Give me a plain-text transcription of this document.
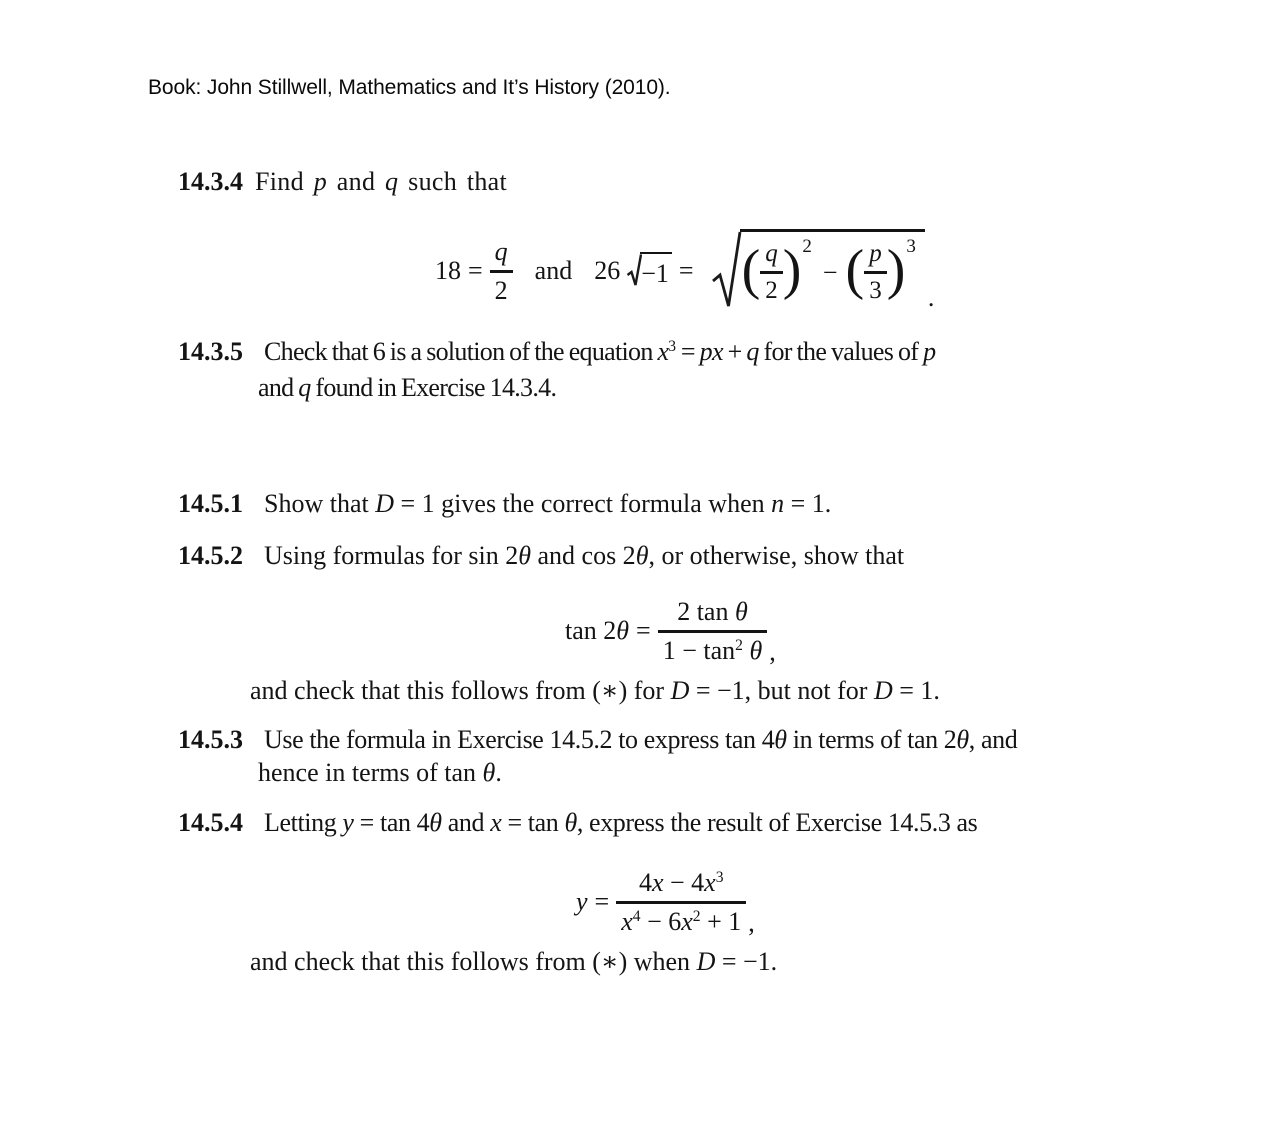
Book: John Stillwell, Mathematics and It’s History (2010).
14.3.4 Find p and q such that
$18 = \frac{q}{2}$ and 26 −1 = ( $\frac{q}{2}$ ) 2
− ( $\frac{p}{3}$ ) 3
.
14.3.5 Check that 6 is a solution of the equation $x^3$ = px + q for the values of p
and q found in Exercise 14.3.4.
14.5.1 Show that D = 1 gives the correct formula when n = 1.
14.5.2 Using formulas for sin 2θ and cos 2θ, or otherwise, show that
$\tan 2\theta = \frac{\text{2 tan θ}}{1 - \tan^2 \theta}$ ,
and check that this follows from (∗) for D = −1, but not for D = 1.
14.5.3 Use the formula in Exercise 14.5.2 to express tan 4θ in terms of tan 2θ, and
hence in terms of tan θ.
14.5.4 Letting y = tan 4θ and x = tan θ, express the result of Exercise 14.5.3 as
$y = \frac{4x - 4x^3}{x^4 - 6x^2 + 1}$ ,
and check that this follows from (∗) when D = −1.
